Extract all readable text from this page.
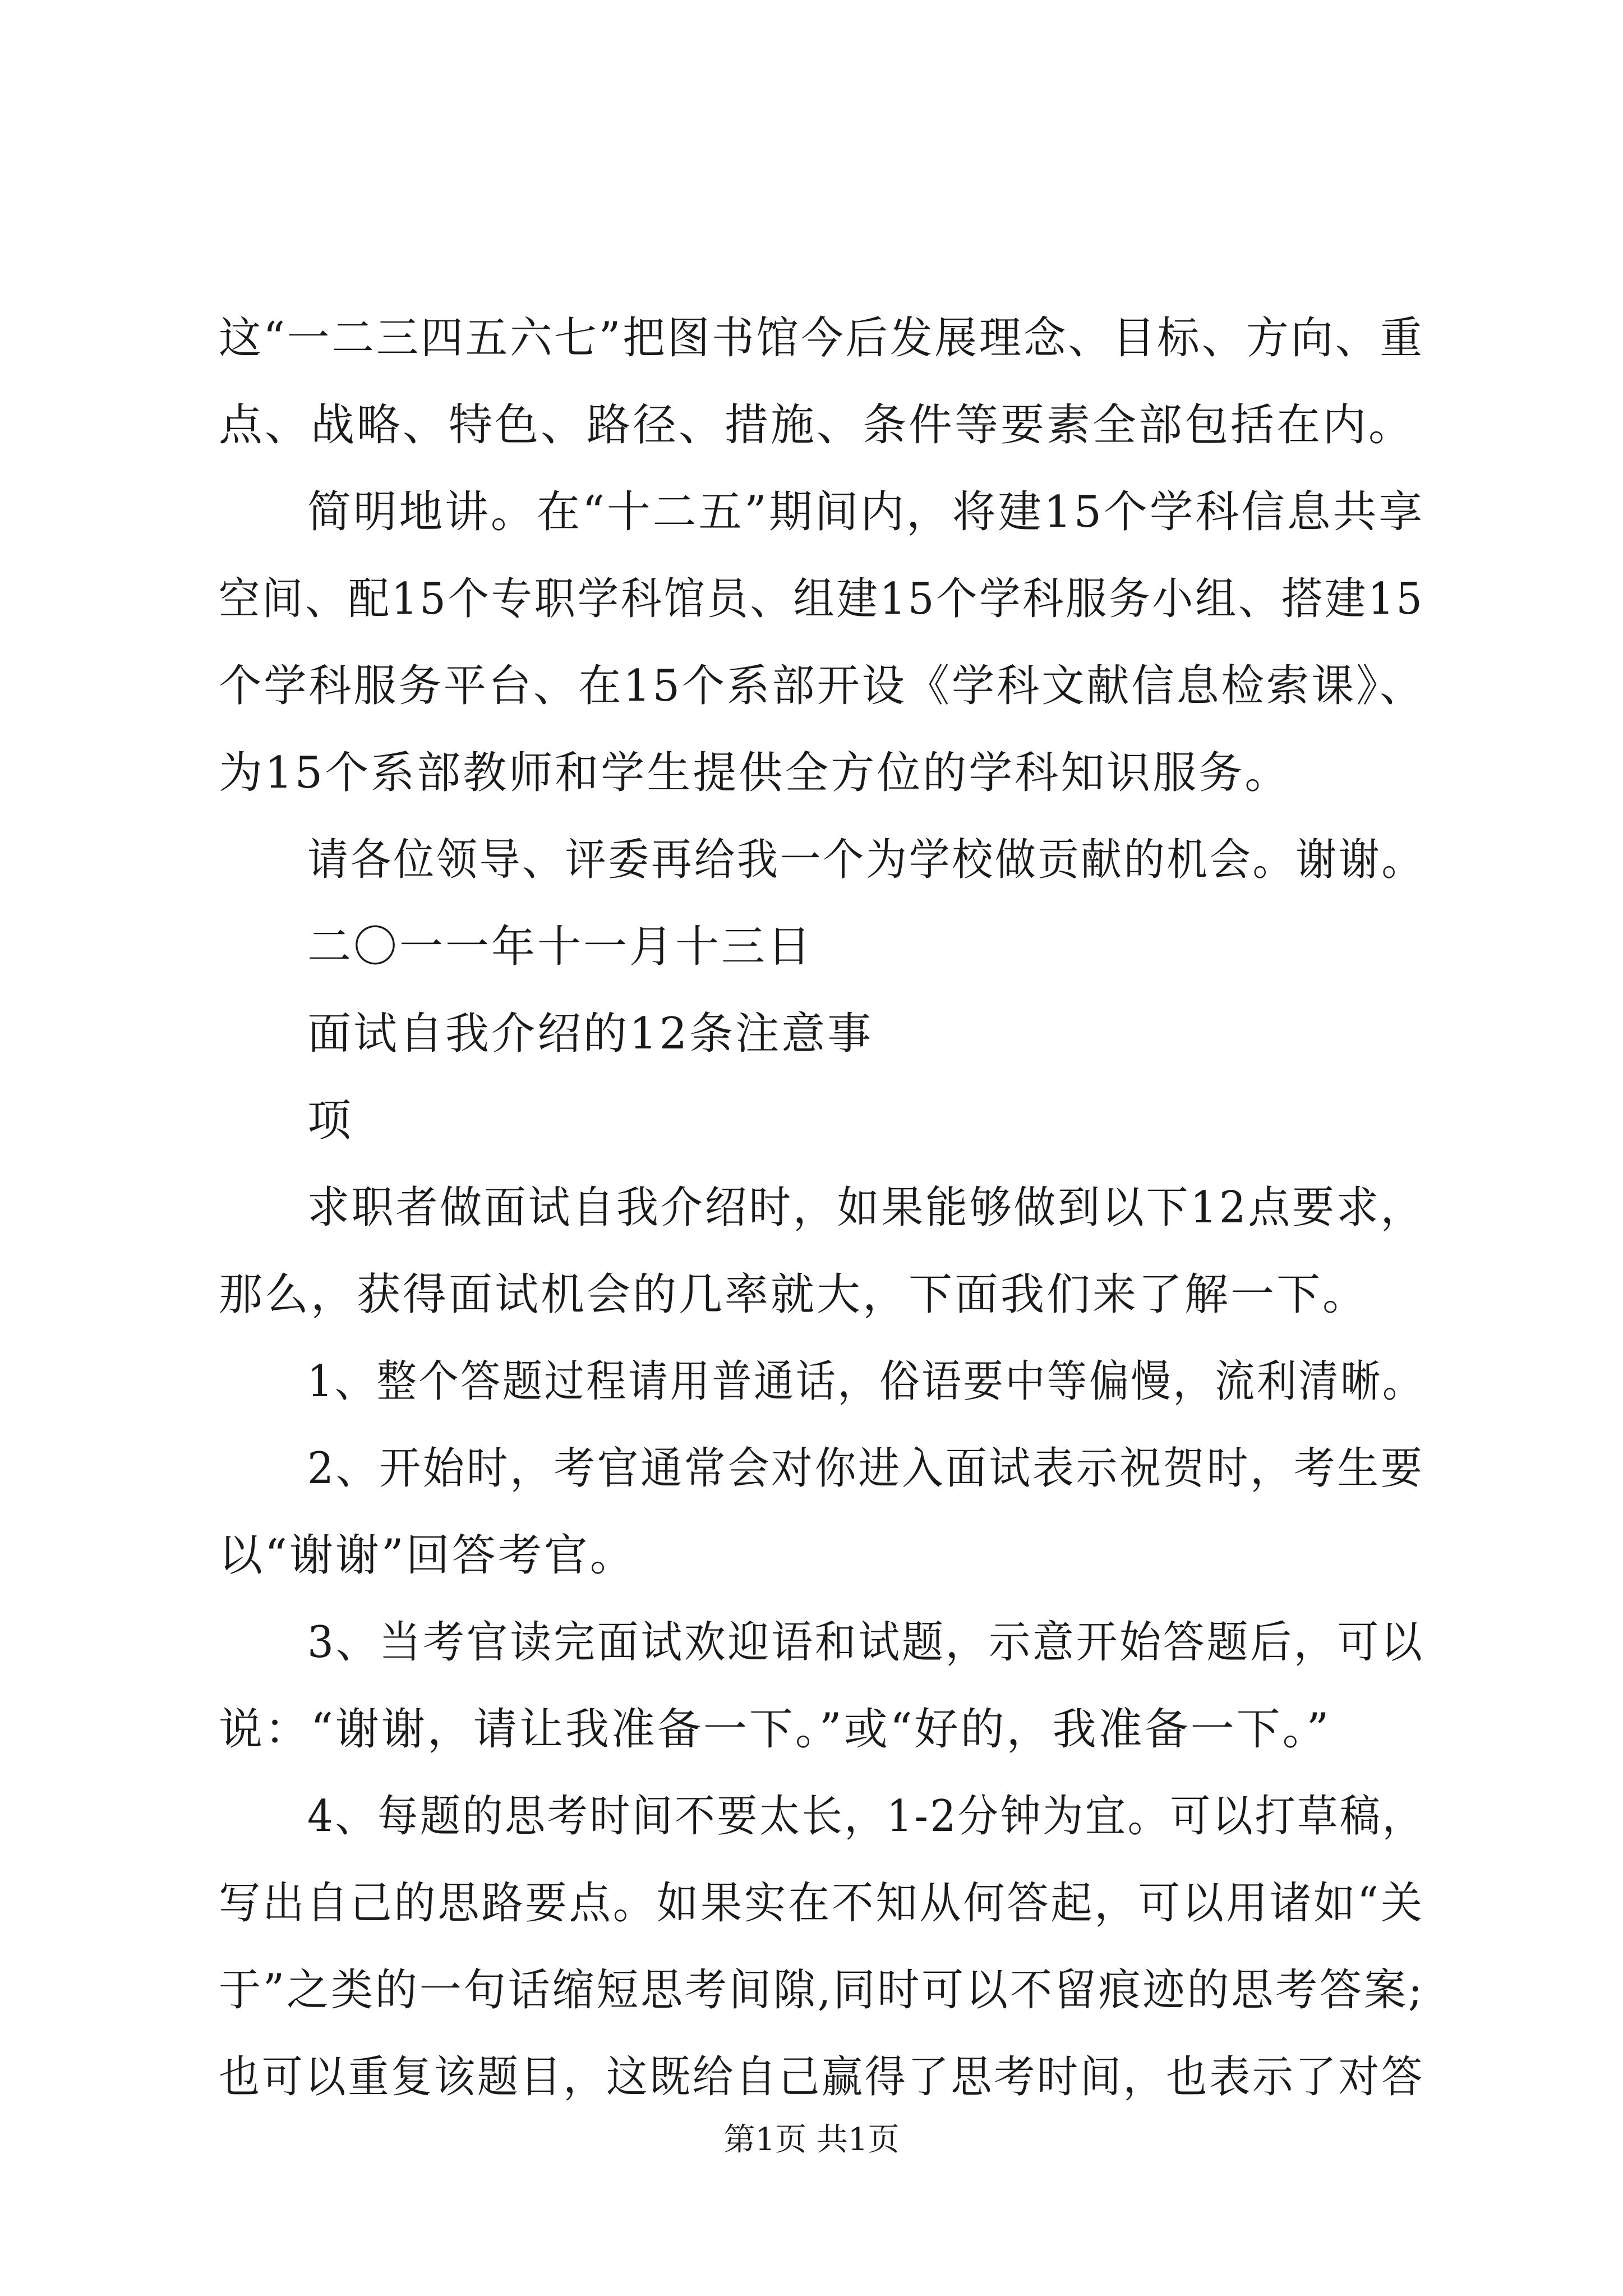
这“一二三四五六七”把图书馆今后发展理念、目标、方向、重
点、战略、特色、路径、措施、条件等要素全部包括在内。
简明地讲。在“十二五”期间内，将建15个学科信息共享
空间、配15个专职学科馆员、组建15个学科服务小组、搭建15
个学科服务平台、在15个系部开设《学科文献信息检索课》、
为15个系部教师和学生提供全方位的学科知识服务。
请各位领导、评委再给我一个为学校做贡献的机会。谢谢。
二〇一一年十一月十三日
面试自我介绍的12条注意事
项
求职者做面试自我介绍时，如果能够做到以下12点要求，
那么，获得面试机会的几率就大，下面我们来了解一下。
1、整个答题过程请用普通话，俗语要中等偏慢，流利清晰。
2、开始时，考官通常会对你进入面试表示祝贺时，考生要
以“谢谢”回答考官。
3、当考官读完面试欢迎语和试题，示意开始答题后，可以
说：“谢谢，请让我准备一下。”或“好的，我准备一下。”
4、每题的思考时间不要太长，1-2分钟为宜。可以打草稿，
写出自己的思路要点。如果实在不知从何答起，可以用诸如“关
于”之类的一句话缩短思考间隙,同时可以不留痕迹的思考答案;
也可以重复该题目，这既给自己赢得了思考时间，也表示了对答
第1页 共1页
